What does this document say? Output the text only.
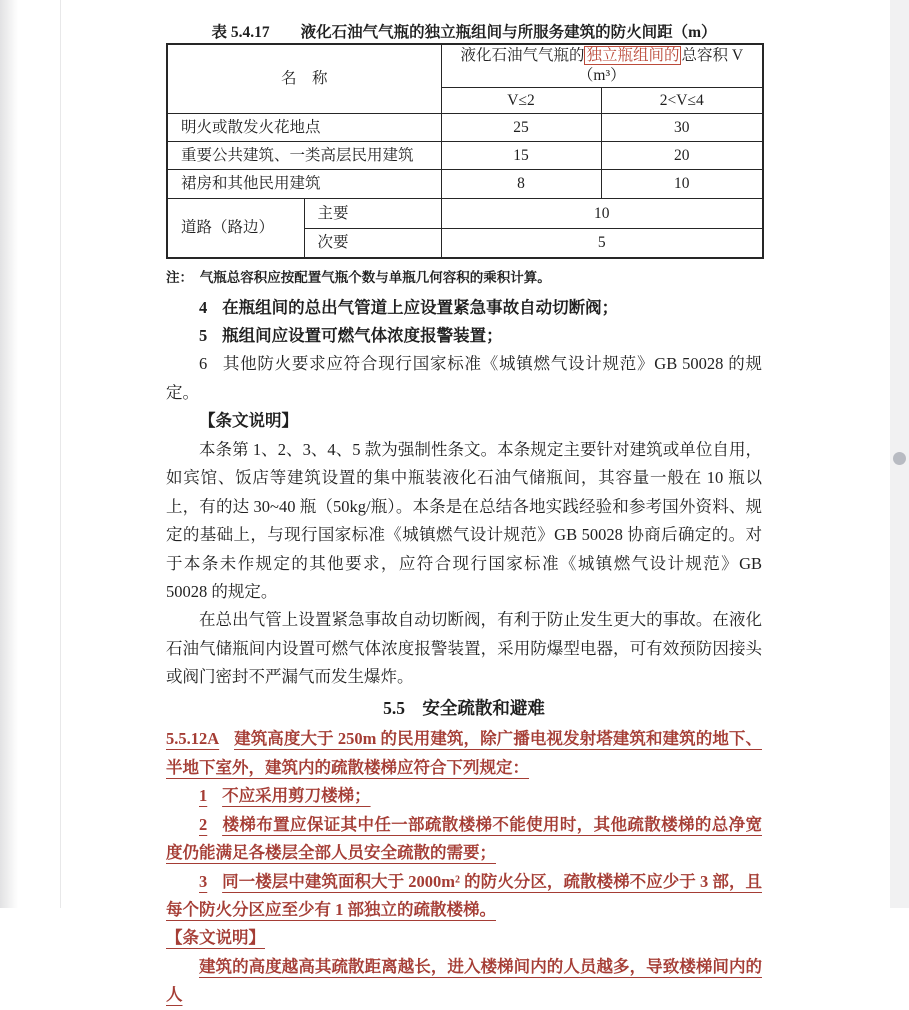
表 5.4.17　　液化石油气气瓶的独立瓶组间与所服务建筑的防火间距（m）
名　称		液化石油气气瓶的 独立瓶组间的 总容积 V（m³）	
		V≤2	2<V≤4
明火或散发火花地点		25	30
重要公共建筑、一类高层民用建筑		15	20
裙房和其他民用建筑		8	10
道路（路边）	主要	10	
	次要	5	
注：　气瓶总容积应按配置气瓶个数与单瓶几何容积的乘积计算。

4 在瓶组间的总出气管道上应设置紧急事故自动切断阀；

5 瓶组间应设置可燃气体浓度报警装置；

6 其他防火要求应符合现行国家标准《城镇燃气设计规范》GB 50028 的规定。

【条文说明】

本条第 1、2、3、4、5 款为强制性条文。本条规定主要针对建筑或单位自用，如宾馆、饭店等建筑设置的集中瓶装液化石油气储瓶间，其容量一般在 10 瓶以上，有的达 30~40 瓶（50kg/瓶）。本条是在总结各地实践经验和参考国外资料、规定的基础上，与现行国家标准《城镇燃气设计规范》GB 50028 协商后确定的。对于本条未作规定的其他要求，应符合现行国家标准《城镇燃气设计规范》GB 50028 的规定。

在总出气管上设置紧急事故自动切断阀，有利于防止发生更大的事故。在液化石油气储瓶间内设置可燃气体浓度报警装置，采用防爆型电器，可有效预防因接头或阀门密封不严漏气而发生爆炸。

5.5　安全疏散和避难

5.5.12A 建筑高度大于 250m 的民用建筑，除广播电视发射塔建筑和建筑的地下、半地下室外，建筑内的疏散楼梯应符合下列规定：

1 不应采用剪刀楼梯；

2 楼梯布置应保证其中任一部疏散楼梯不能使用时，其他疏散楼梯的总净宽度仍能满足各楼层全部人员安全疏散的需要；

3 同一楼层中建筑面积大于 2000m² 的防火分区，疏散楼梯不应少于 3 部，且每个防火分区应至少有 1 部独立的疏散楼梯。

【条文说明】

建筑的高度越高其疏散距离越长，进入楼梯间内的人员越多，导致楼梯间内的人
